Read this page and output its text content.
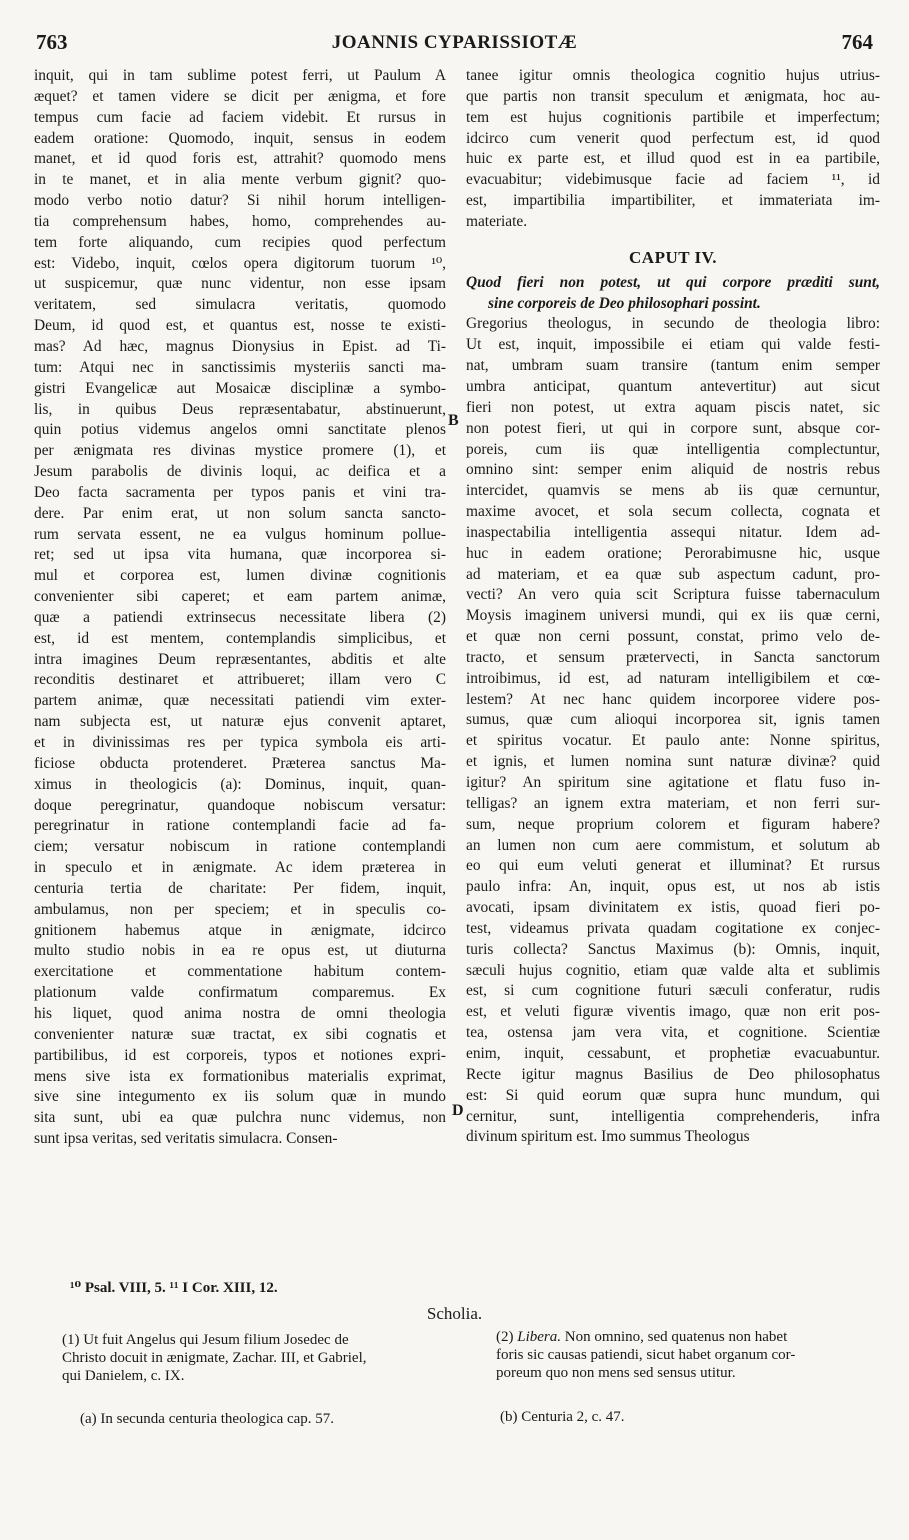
763	JOANNIS CYPARISSIOTÆ	764
inquit, qui in tam sublime potest ferri, ut Paulum A
æquet? et tamen videre se dicit per ænigma, et fore
tempus cum facie ad faciem videbit. Et rursus in
eadem oratione: Quomodo, inquit, sensus in eodem
manet, et id quod foris est, attrahit? quomodo mens
in te manet, et in alia mente verbum gignit? quo-
modo verbo notio datur? Si nihil horum intelligen-
tia comprehensum habes, homo, comprehendes au-
tem forte aliquando, cum recipies quod perfectum
est: Videbo, inquit, cœlos opera digitorum tuorum ¹⁰,
ut suspicemur, quæ nunc videntur, non esse ipsam
veritatem, sed simulacra veritatis, quomodo
Deum, id quod est, et quantus est, nosse te existi-
mas? Ad hæc, magnus Dionysius in Epist. ad Ti-
tum: Atqui nec in sanctissimis mysteriis sancti ma-
gistri Evangelicæ aut Mosaicæ disciplinæ a symbo-
lis, in quibus Deus repræsentabatur, abstinuerunt,
quin potius videmus angelos omni sanctitate plenos
per ænigmata res divinas mystice promere (1), et
Jesum parabolis de divinis loqui, ac deifica et a
Deo facta sacramenta per typos panis et vini tra-
dere. Par enim erat, ut non solum sancta sancto-
rum servata essent, ne ea vulgus hominum pollue-
ret; sed ut ipsa vita humana, quæ incorporea si-
mul et corporea est, lumen divinæ cognitionis
convenienter sibi caperet; et eam partem animæ,
quæ a patiendi extrinsecus necessitate libera (2)
est, id est mentem, contemplandis simplicibus, et
intra imagines Deum repræsentantes, abditis et alte
reconditis destinaret et attribueret; illam vero C
partem animæ, quæ necessitati patiendi vim exter-
nam subjecta est, ut naturæ ejus convenit aptaret,
et in divinissimas res per typica symbola eis arti-
ficiose obducta protenderet. Præterea sanctus Ma-
ximus in theologicis (a): Dominus, inquit, quan-
doque peregrinatur, quandoque nobiscum versatur:
peregrinatur in ratione contemplandi facie ad fa-
ciem; versatur nobiscum in ratione contemplandi
in speculo et in ænigmate. Ac idem præterea in
centuria tertia de charitate: Per fidem, inquit,
ambulamus, non per speciem; et in speculis co-
gnitionem habemus atque in ænigmate, idcirco
multo studio nobis in ea re opus est, ut diuturna
exercitatione et commentatione habitum contem-
plationum valde confirmatum comparemus. Ex
his liquet, quod anima nostra de omni theologia
convenienter naturæ suæ tractat, ex sibi cognatis et
partibilibus, id est corporeis, typos et notiones expri-
mens sive ista ex formationibus materialis exprimat,
sive sine integumento ex iis solum quæ in mundo
sita sunt, ubi ea quæ pulchra nunc videmus, non
sunt ipsa veritas, sed veritatis simulacra. Consen-
tanee igitur omnis theologica cognitio hujus utrius-
que partis non transit speculum et ænigmata, hoc au-
tem est hujus cognitionis partibile et imperfectum;
idcirco cum venerit quod perfectum est, id quod
huic ex parte est, et illud quod est in ea partibile,
evacuabitur; videbimusque facie ad faciem ¹¹, id
est, impartibilia impartibiliter, et immateriata im-
materiate.
CAPUT IV.
Quod fieri non potest, ut qui corpore præditi sunt,
sine corporeis de Deo philosophari possint.
Gregorius theologus, in secundo de theologia libro:
Ut est, inquit, impossibile ei etiam qui valde festi-
nat, umbram suam transire (tantum enim semper
umbra anticipat, quantum antevertitur) aut sicut
fieri non potest, ut extra aquam piscis natet, sic
non potest fieri, ut qui in corpore sunt, absque cor-
poreis, cum iis quæ intelligentia complectuntur,
omnino sint: semper enim aliquid de nostris rebus
intercidet, quamvis se mens ab iis quæ cernuntur,
maxime avocet, et sola secum collecta, cognata et
inaspectabilia intelligentia assequi nitatur. Idem ad-
huc in eadem oratione; Perorabimusne hic, usque
ad materiam, et ea quæ sub aspectum cadunt, pro-
vecti? An vero quia scit Scriptura fuisse tabernaculum
Moysis imaginem universi mundi, qui ex iis quæ cerni,
et quæ non cerni possunt, constat, primo velo de-
tracto, et sensum prætervecti, in Sancta sanctorum
introibimus, id est, ad naturam intelligibilem et cœ-
lestem? At nec hanc quidem incorporee videre pos-
sumus, quæ cum alioqui incorporea sit, ignis tamen
et spiritus vocatur. Et paulo ante: Nonne spiritus,
et ignis, et lumen nomina sunt naturæ divinæ? quid
igitur? An spiritum sine agitatione et flatu fuso in-
telligas? an ignem extra materiam, et non ferri sur-
sum, neque proprium colorem et figuram habere?
an lumen non cum aere commistum, et solutum ab
eo qui eum veluti generat et illuminat? Et rursus
paulo infra: An, inquit, opus est, ut nos ab istis
avocati, ipsam divinitatem ex istis, quoad fieri po-
test, videamus privata quadam cogitatione ex conjec-
turis collecta? Sanctus Maximus (b): Omnis, inquit,
sæculi hujus cognitio, etiam quæ valde alta et sublimis
est, si cum cognitione futuri sæculi conferatur, rudis
est, et veluti figuræ viventis imago, quæ non erit pos-
tea, ostensa jam vera vita, et cognitione. Scientiæ
enim, inquit, cessabunt, et prophetiæ evacuabuntur.
Recte igitur magnus Basilius de Deo philosophatus
est: Si quid eorum quæ supra hunc mundum, qui
cernitur, sunt, intelligentia comprehenderis, infra
divinum spiritum est. Imo summus Theologus
B
D
¹⁰ Psal. VIII, 5. ¹¹ I Cor. XIII, 12.
Scholia.
(1) Ut fuit Angelus qui Jesum filium Josedec de
Christo docuit in ænigmate, Zachar. III, et Gabriel,
qui Danielem, c. IX.
(2) Libera. Non omnino, sed quatenus non habet
foris sic causas patiendi, sicut habet organum cor-
poreum quo non mens sed sensus utitur.
(a) In secunda centuria theologica cap. 57.	(b) Centuria 2, c. 47.
